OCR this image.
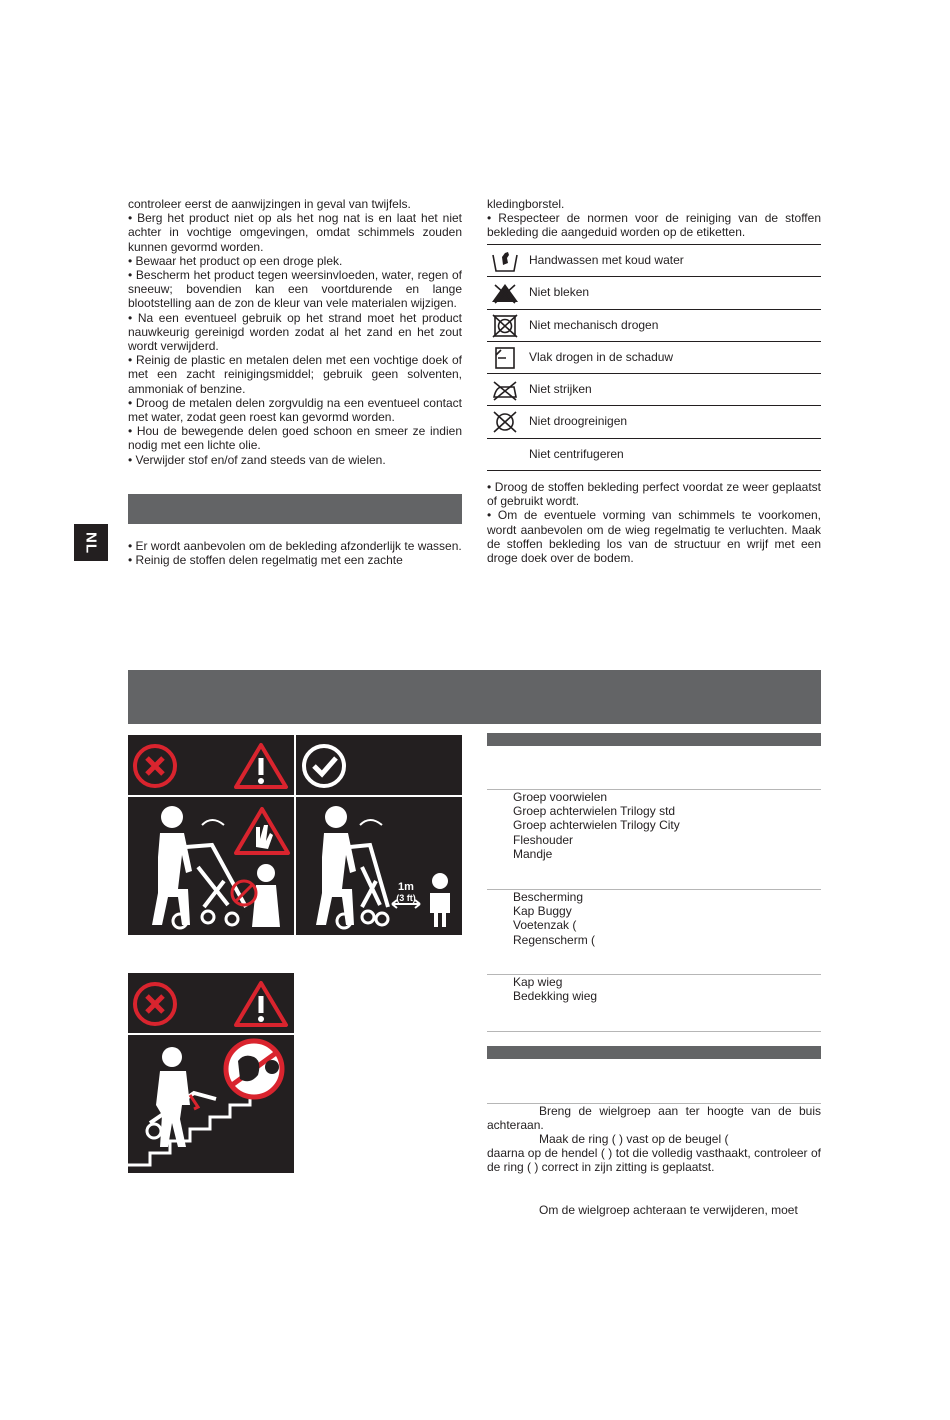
controleer eerst de aanwijzingen in geval van twijfels.

• Berg het product niet op als het nog nat is en laat het niet achter in vochtige omgevingen, omdat schimmels zouden kunnen gevormd worden.

• Bewaar het product op een droge plek.

• Bescherm het product tegen weersinvloeden, water, regen of sneeuw; bovendien kan een voortdurende en lange blootstelling aan de zon de kleur van vele materialen wijzigen.

• Na een eventueel gebruik op het strand moet het product nauwkeurig gereinigd worden zodat al het zand en het zout wordt verwijderd.

• Reinig de plastic en metalen delen met een vochtige doek of met een zacht reinigingsmiddel; gebruik geen solventen, ammoniak of benzine.

• Droog de metalen delen zorgvuldig na een eventueel contact met water, zodat geen roest kan gevormd worden.

• Hou de bewegende delen goed schoon en smeer ze indien nodig met een lichte olie.

• Verwijder stof en/of zand steeds van de wielen.

• Er wordt aanbevolen om de bekleding afzonderlijk te wassen.

• Reinig de stoffen delen regelmatig met een zachte

NL

kledingborstel.

• Respecteer de normen voor de reiniging van de stoffen bekleding die aangeduid worden op de etiketten.

Handwassen met koud water
Niet bleken
Niet mechanisch drogen
Vlak drogen in de schaduw
Niet strijken
Niet droogreinigen
Niet centrifugeren

• Droog de stoffen bekleding perfect voordat ze weer geplaatst of gebruikt wordt.

• Om de eventuele vorming van schimmels te voorkomen, wordt aanbevolen om de wieg regelmatig te verluchten. Maak de stoffen bekleding los van de structuur en wrijf met een droge doek over de bodem.

1m
(3 ft)
Groep voorwielen
Groep achterwielen Trilogy std
Groep achterwielen Trilogy City
Fleshouder
Mandje
Bescherming
Kap Buggy
Voetenzak (
Regenscherm (
Kap wieg
Bedekking wieg
Breng de wielgroep aan ter hoogte van de buis achteraan.
Maak de ring ( ) vast op de beugel (
daarna op de hendel ( ) tot die volledig vasthaakt, controleer of de ring ( ) correct in zijn zitting is geplaatst.
Om de wielgroep achteraan te verwijderen, moet
